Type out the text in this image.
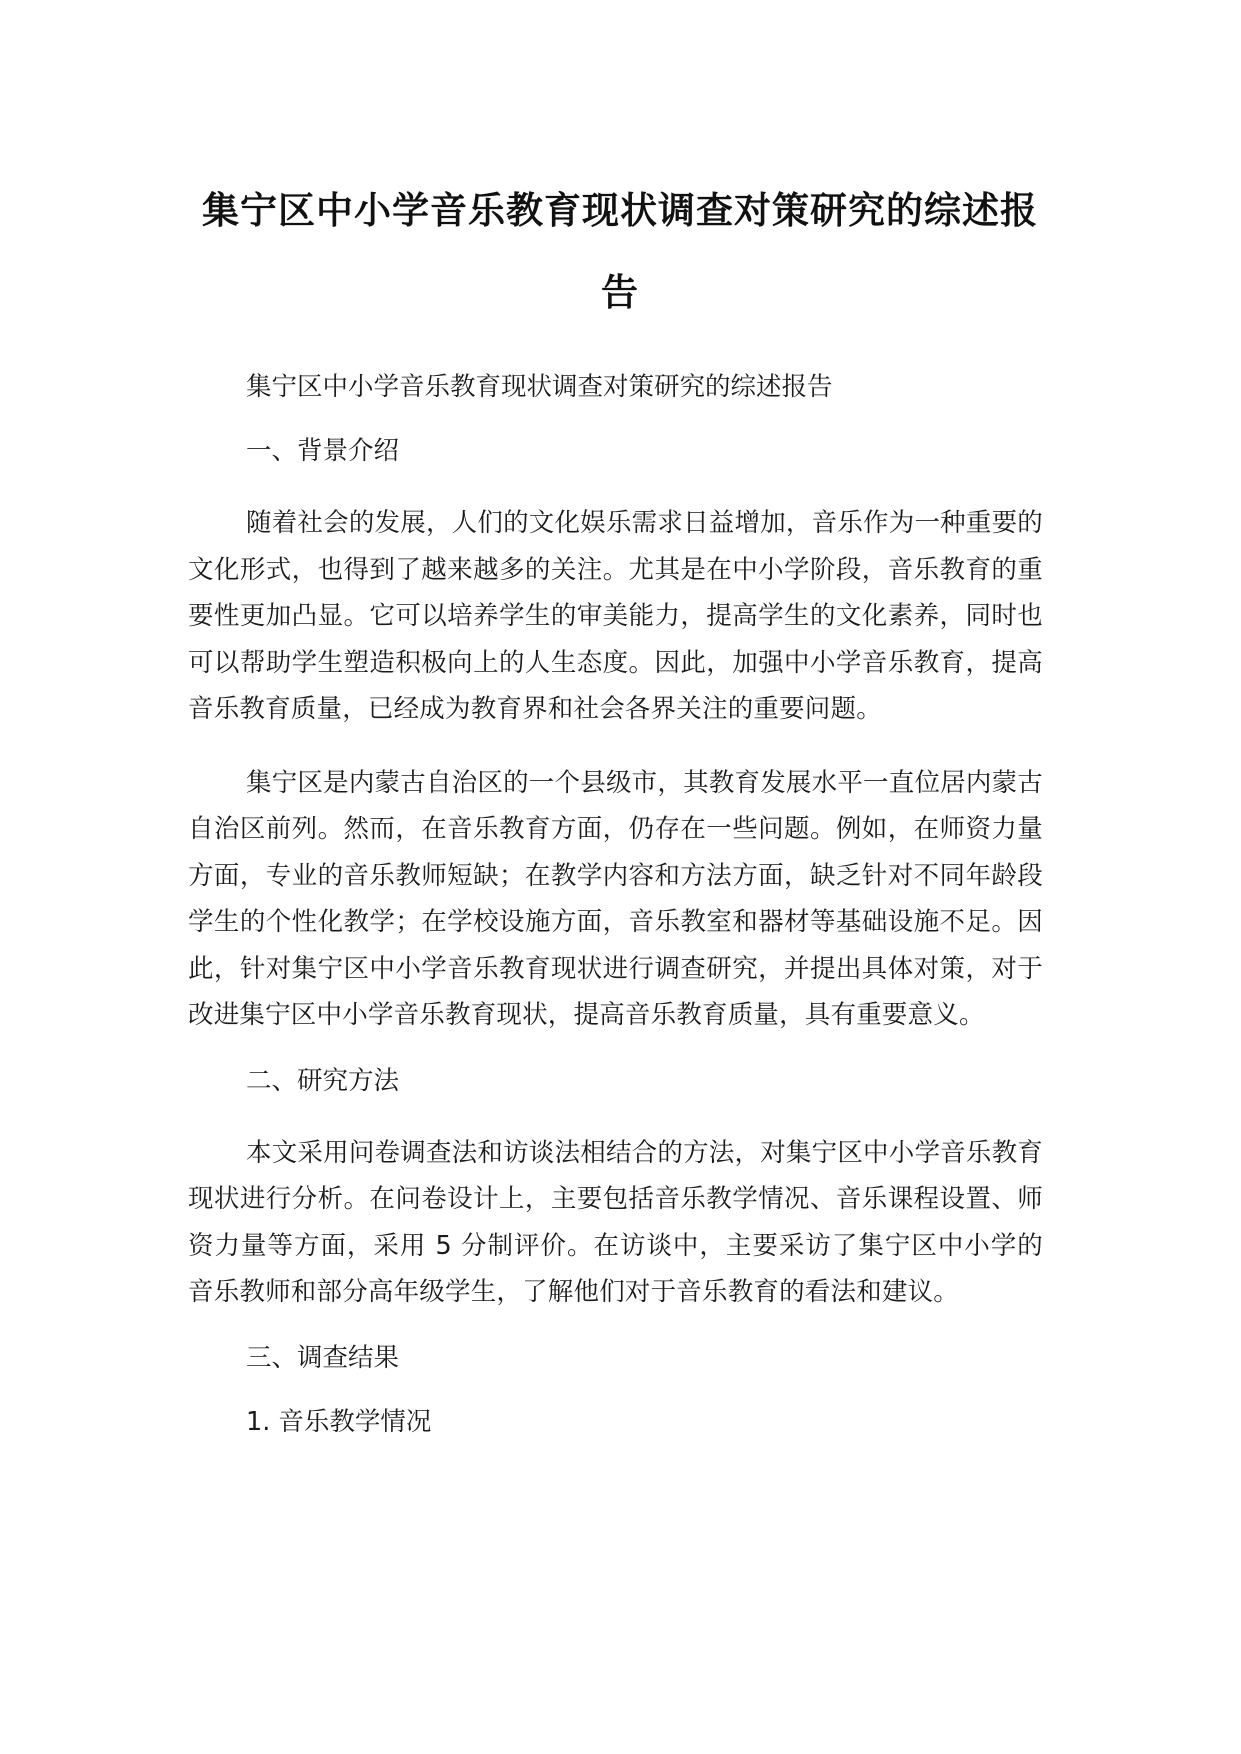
集宁区中小学音乐教育现状调查对策研究的综述报告

集宁区中小学音乐教育现状调查对策研究的综述报告

一、背景介绍

随着社会的发展，人们的文化娱乐需求日益增加，音乐作为一种重要的文化形式，也得到了越来越多的关注。尤其是在中小学阶段，音乐教育的重要性更加凸显。它可以培养学生的审美能力，提高学生的文化素养，同时也可以帮助学生塑造积极向上的人生态度。因此，加强中小学音乐教育，提高音乐教育质量，已经成为教育界和社会各界关注的重要问题。

集宁区是内蒙古自治区的一个县级市，其教育发展水平一直位居内蒙古自治区前列。然而，在音乐教育方面，仍存在一些问题。例如，在师资力量方面，专业的音乐教师短缺；在教学内容和方法方面，缺乏针对不同年龄段学生的个性化教学；在学校设施方面，音乐教室和器材等基础设施不足。因此，针对集宁区中小学音乐教育现状进行调查研究，并提出具体对策，对于改进集宁区中小学音乐教育现状，提高音乐教育质量，具有重要意义。

二、研究方法

本文采用问卷调查法和访谈法相结合的方法，对集宁区中小学音乐教育现状进行分析。在问卷设计上，主要包括音乐教学情况、音乐课程设置、师资力量等方面，采用 5 分制评价。在访谈中，主要采访了集宁区中小学的音乐教师和部分高年级学生，了解他们对于音乐教育的看法和建议。

三、调查结果

1. 音乐教学情况
